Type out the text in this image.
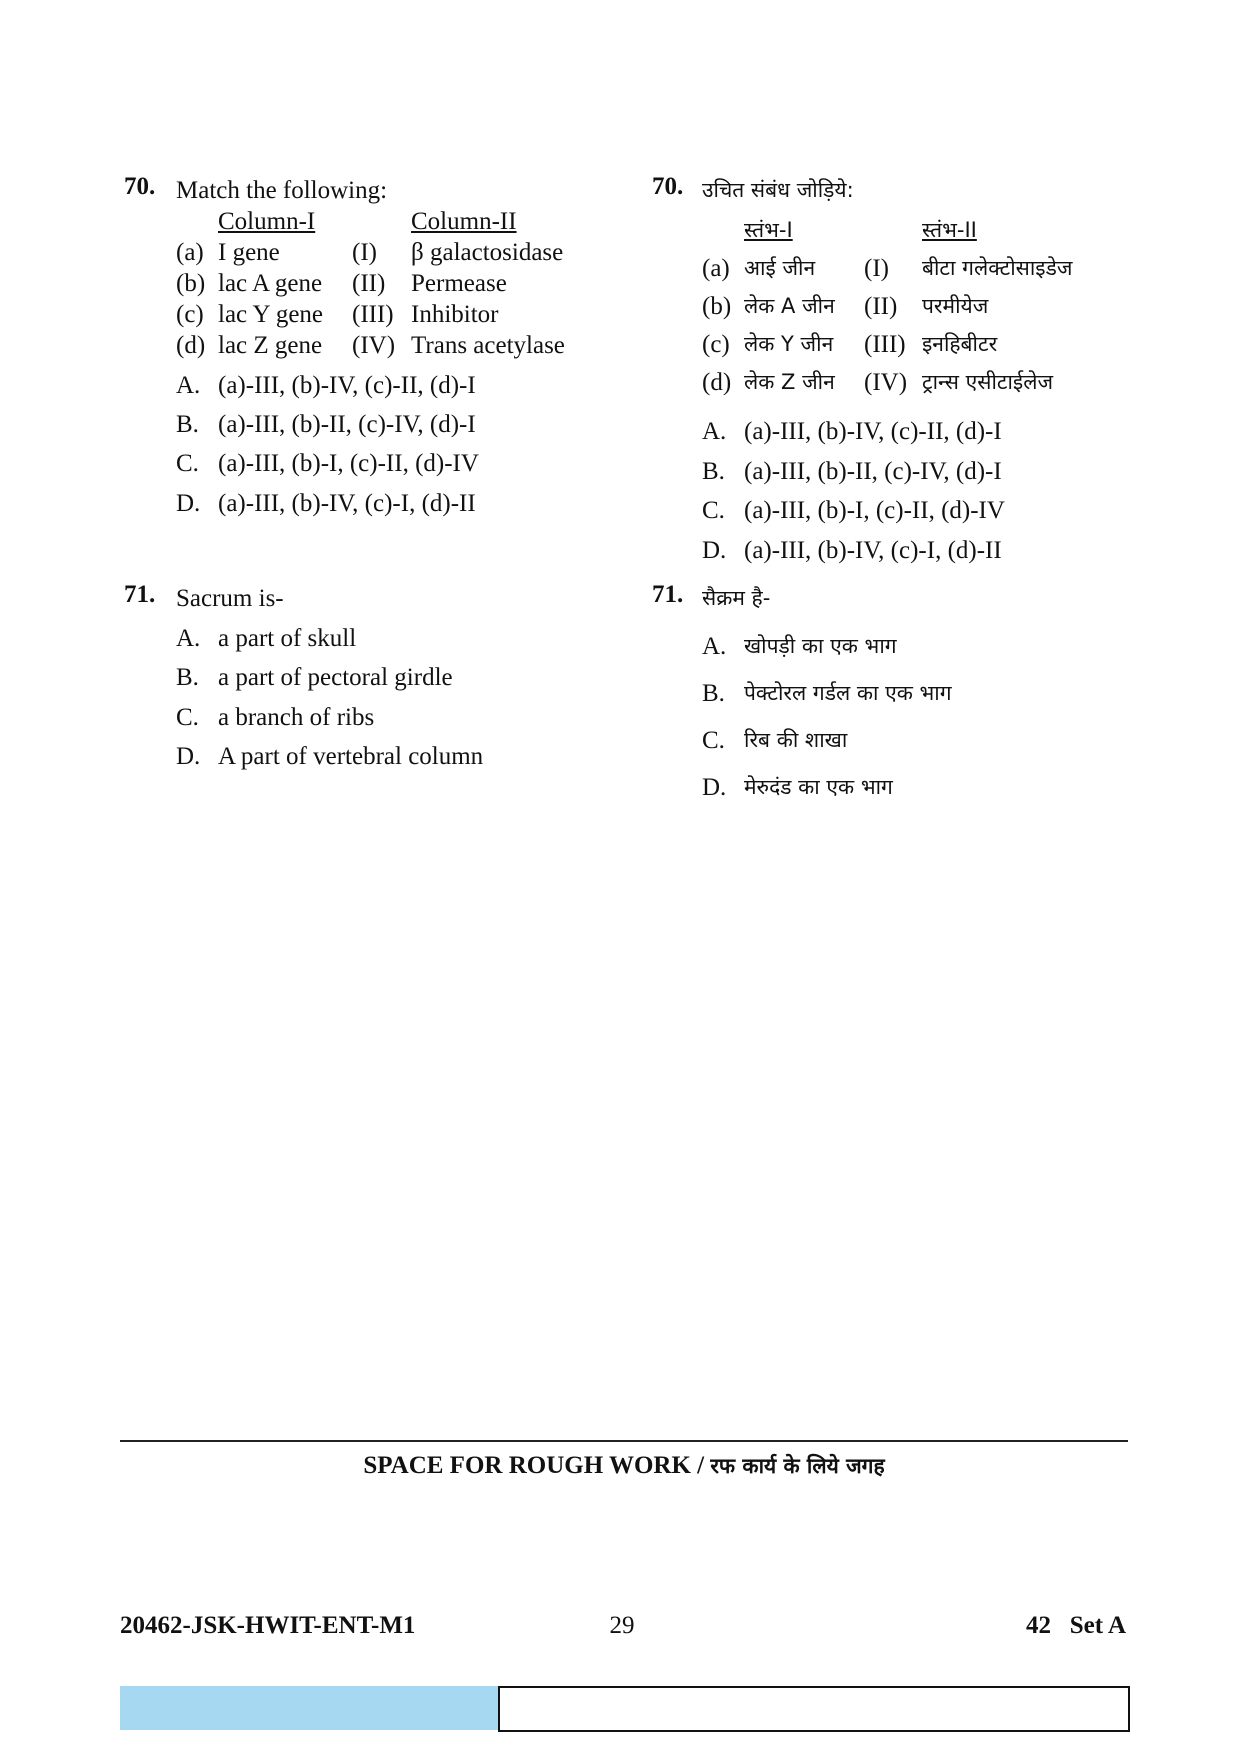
70. Match the following:
Column-I	Column-II
(a) I gene	(I) β galactosidase
(b) lac A gene (II) Permease
(c) lac Y gene (III) Inhibitor
(d) lac Z gene (IV) Trans acetylase
A. (a)-III, (b)-IV, (c)-II, (d)-I
B. (a)-III, (b)-II, (c)-IV, (d)-I
C. (a)-III, (b)-I, (c)-II, (d)-IV
D. (a)-III, (b)-IV, (c)-I, (d)-II
71. Sacrum is-
A. a part of skull
B. a part of pectoral girdle
C. a branch of ribs
D. A part of vertebral column
70. उचित संबंध जोड़िये:
स्तंभ-I	स्तंभ-II
(a) आई जीन (I) बीटा गलेक्टोसाइडेज
(b) लेक A जीन (II) परमीयेज
(c) लेक Y जीन (III) इनहिबीटर
(d) लेक Z जीन (IV) ट्रान्स एसीटाईलेज
A. (a)-III, (b)-IV, (c)-II, (d)-I
B. (a)-III, (b)-II, (c)-IV, (d)-I
C. (a)-III, (b)-I, (c)-II, (d)-IV
D. (a)-III, (b)-IV, (c)-I, (d)-II
71. सैक्रम है-
A. खोपड़ी का एक भाग
B. पेक्टोरल गर्डल का एक भाग
C. रिब की शाखा
D. मेरुदंड का एक भाग
SPACE FOR ROUGH WORK / रफ कार्य के लिये जगह
20462-JSK-HWIT-ENT-M1	29	42   Set A
